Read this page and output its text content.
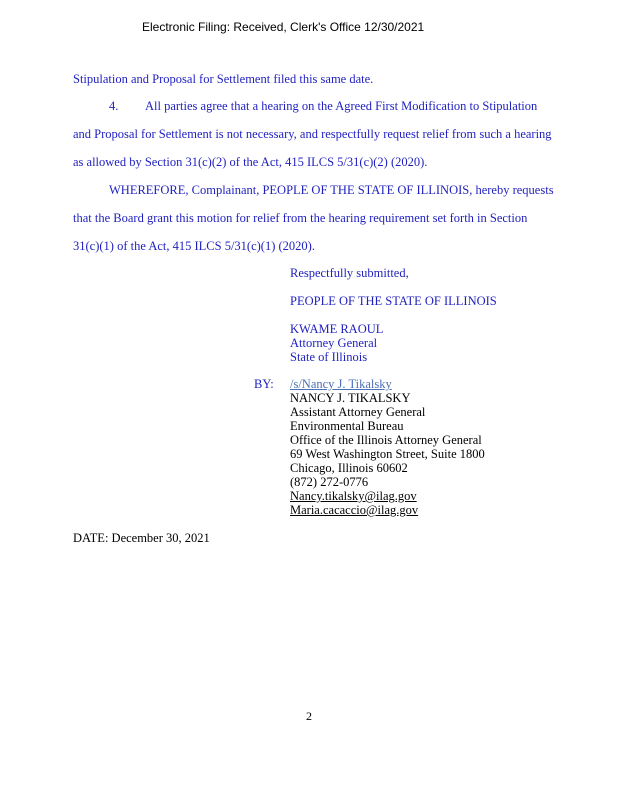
Electronic Filing: Received, Clerk's Office 12/30/2021
Stipulation and Proposal for Settlement filed this same date.
4. All parties agree that a hearing on the Agreed First Modification to Stipulation
and Proposal for Settlement is not necessary, and respectfully request relief from such a hearing
as allowed by Section 31(c)(2) of the Act, 415 ILCS 5/31(c)(2) (2020).
WHEREFORE, Complainant, PEOPLE OF THE STATE OF ILLINOIS, hereby requests
that the Board grant this motion for relief from the hearing requirement set forth in Section
31(c)(1) of the Act, 415 ILCS 5/31(c)(1) (2020).
Respectfully submitted,
PEOPLE OF THE STATE OF ILLINOIS
KWAME RAOUL
Attorney General
State of Illinois
BY: /s/Nancy J. Tikalsky
NANCY J. TIKALSKY
Assistant Attorney General
Environmental Bureau
Office of the Illinois Attorney General
69 West Washington Street, Suite 1800
Chicago, Illinois 60602
(872) 272-0776
Nancy.tikalsky@ilag.gov
Maria.cacaccio@ilag.gov
DATE: December 30, 2021
2
